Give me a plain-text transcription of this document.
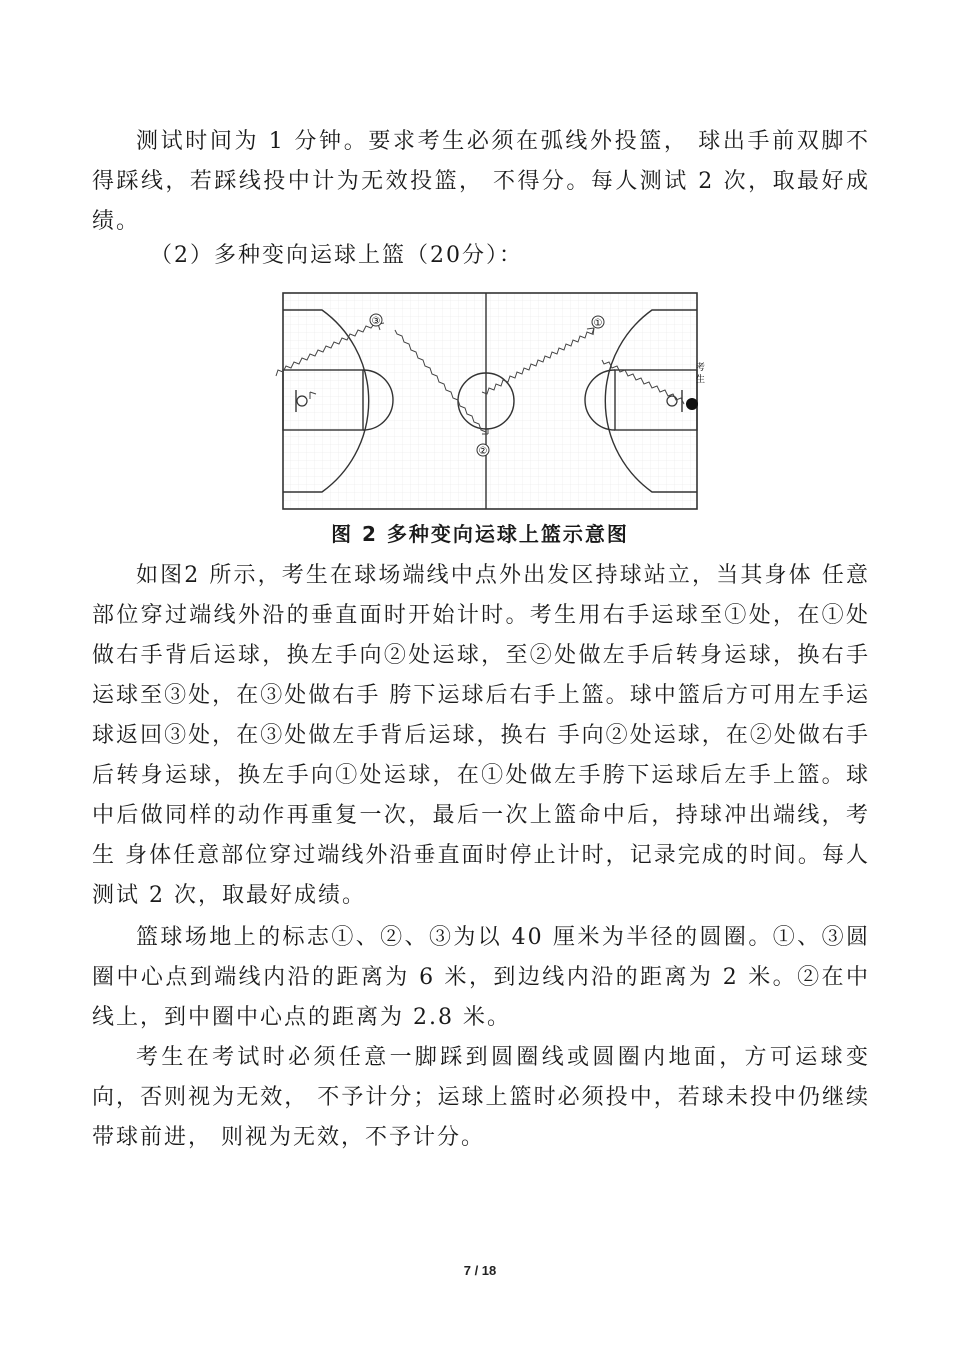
测试时间为 1 分钟。要求考生必须在弧线外投篮， 球出手前双脚不得踩线，若踩线投中计为无效投篮， 不得分。每人测试 2 次，取最好成绩。

（2）多种变向运球上篮（20分）：
①
②
③
考
生
图 2 多种变向运球上篮示意图

如图2 所示，考生在球场端线中点外出发区持球站立，当其身体 任意部位穿过端线外沿的垂直面时开始计时。考生用右手运球至①处，在①处做右手背后运球，换左手向②处运球，至②处做左手后转身运球，换右手运球至③处，在③处做右手 胯下运球后右手上篮。球中篮后方可用左手运球返回③处，在③处做左手背后运球，换右 手向②处运球，在②处做右手后转身运球，换左手向①处运球，在①处做左手胯下运球后左手上篮。球中后做同样的动作再重复一次，最后一次上篮命中后，持球冲出端线，考生 身体任意部位穿过端线外沿垂直面时停止计时，记录完成的时间。每人测试 2 次，取最好成绩。

篮球场地上的标志①、②、③为以 40 厘米为半径的圆圈。①、③圆圈中心点到端线内沿的距离为 6 米，到边线内沿的距离为 2 米。②在中线上，到中圈中心点的距离为 2.8 米。

考生在考试时必须任意一脚踩到圆圈线或圆圈内地面，方可运球变向，否则视为无效， 不予计分；运球上篮时必须投中，若球未投中仍继续带球前进， 则视为无效，不予计分。

7 / 18
